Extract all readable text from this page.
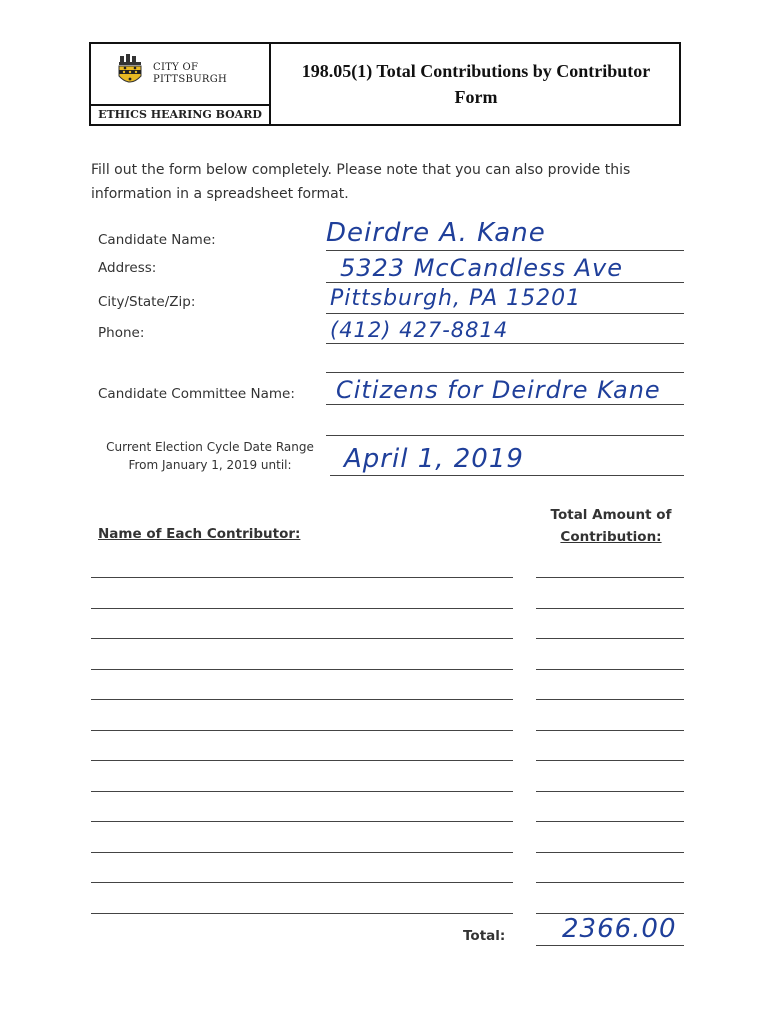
CITY OF
PITTSBURGH
ETHICS HEARING BOARD
198.05(1) Total Contributions by Contributor
Form
Fill out the form below completely. Please note that you can also provide this
information in a spreadsheet format.
Candidate Name:	Deirdre A. Kane
Address:	5323 McCandless Ave
City/State/Zip:	Pittsburgh, PA 15201
Phone:	(412) 427-8814
Candidate Committee Name: Citizens for Deirdre Kane
Current Election Cycle Date Range
From January 1, 2019 until:	April 1, 2019
Name of Each Contributor:
Total Amount of
Contribution:
Total: 2366.00
